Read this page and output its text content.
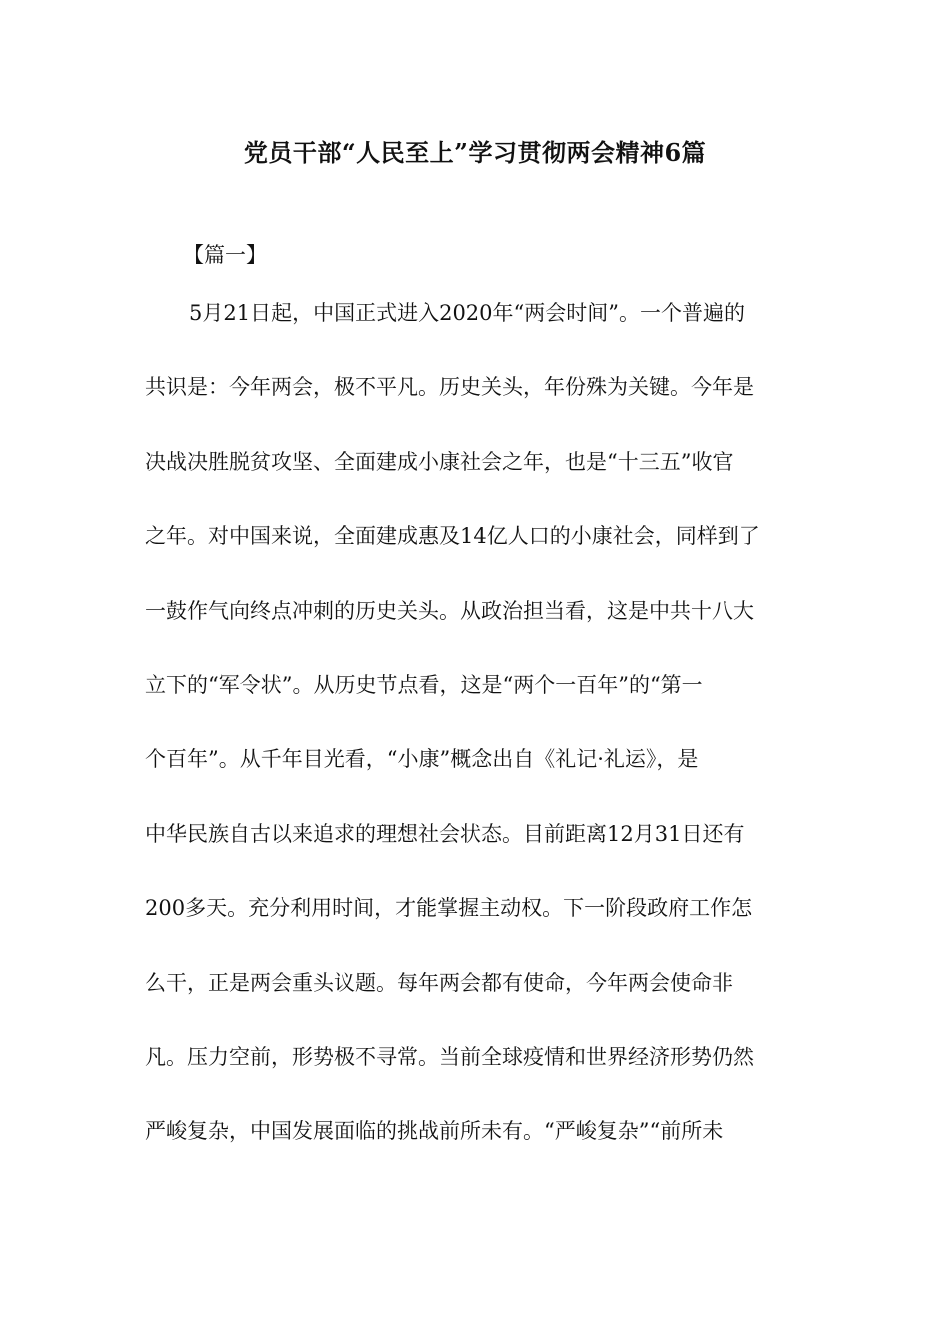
党员干部“人民至上”学习贯彻两会精神6篇
【篇一】
5月21日起，中国正式进入2020年“两会时间”。一个普遍的
共识是：今年两会，极不平凡。历史关头，年份殊为关键。今年是
决战决胜脱贫攻坚、全面建成小康社会之年，也是“十三五”收官
之年。对中国来说，全面建成惠及14亿人口的小康社会，同样到了
一鼓作气向终点冲刺的历史关头。从政治担当看，这是中共十八大
立下的“军令状”。从历史节点看，这是“两个一百年”的“第一
个百年”。从千年目光看，“小康”概念出自《礼记·礼运》，是
中华民族自古以来追求的理想社会状态。目前距离12月31日还有
200多天。充分利用时间，才能掌握主动权。下一阶段政府工作怎
么干，正是两会重头议题。每年两会都有使命，今年两会使命非
凡。压力空前，形势极不寻常。当前全球疫情和世界经济形势仍然
严峻复杂，中国发展面临的挑战前所未有。“严峻复杂”“前所未
